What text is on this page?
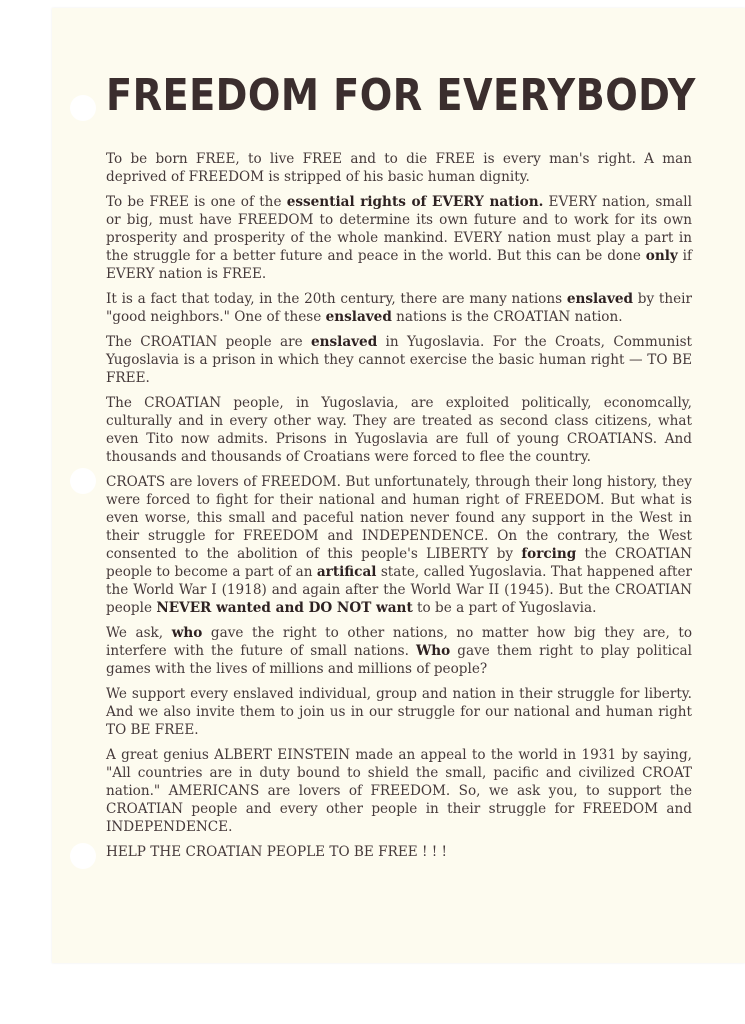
FREEDOM FOR EVERYBODY

To be born FREE, to live FREE and to die FREE is every man's right. A man deprived of FREEDOM is stripped of his basic human dignity.

To be FREE is one of the essential rights of EVERY nation. EVERY nation, small or big, must have FREEDOM to determine its own future and to work for its own prosperity and prosperity of the whole mankind. EVERY nation must play a part in the struggle for a better future and peace in the world. But this can be done only if EVERY nation is FREE.

It is a fact that today, in the 20th century, there are many nations enslaved by their "good neighbors." One of these enslaved nations is the CROATIAN nation.

The CROATIAN people are enslaved in Yugoslavia. For the Croats, Communist Yugoslavia is a prison in which they cannot exercise the basic human right — TO BE FREE.

The CROATIAN people, in Yugoslavia, are exploited politically, economcally, culturally and in every other way. They are treated as second class citizens, what even Tito now admits. Prisons in Yugoslavia are full of young CROATIANS. And thousands and thousands of Croatians were forced to flee the country.

CROATS are lovers of FREEDOM. But unfortunately, through their long history, they were forced to fight for their national and human right of FREEDOM. But what is even worse, this small and paceful nation never found any support in the West in their struggle for FREEDOM and INDEPENDENCE. On the contrary, the West consented to the abolition of this people's LIBERTY by forcing the CROATIAN people to become a part of an artifical state, called Yugoslavia. That happened after the World War I (1918) and again after the World War II (1945). But the CROATIAN people NEVER wanted and DO NOT want to be a part of Yugoslavia.

We ask, who gave the right to other nations, no matter how big they are, to interfere with the future of small nations. Who gave them right to play political games with the lives of millions and millions of people?

We support every enslaved individual, group and nation in their struggle for liberty. And we also invite them to join us in our struggle for our national and human right TO BE FREE.

A great genius ALBERT EINSTEIN made an appeal to the world in 1931 by saying, "All countries are in duty bound to shield the small, pacific and civilized CROAT nation." AMERICANS are lovers of FREEDOM. So, we ask you, to support the CROATIAN people and every other people in their struggle for FREEDOM and INDEPENDENCE.

HELP THE CROATIAN PEOPLE TO BE FREE ! ! !
